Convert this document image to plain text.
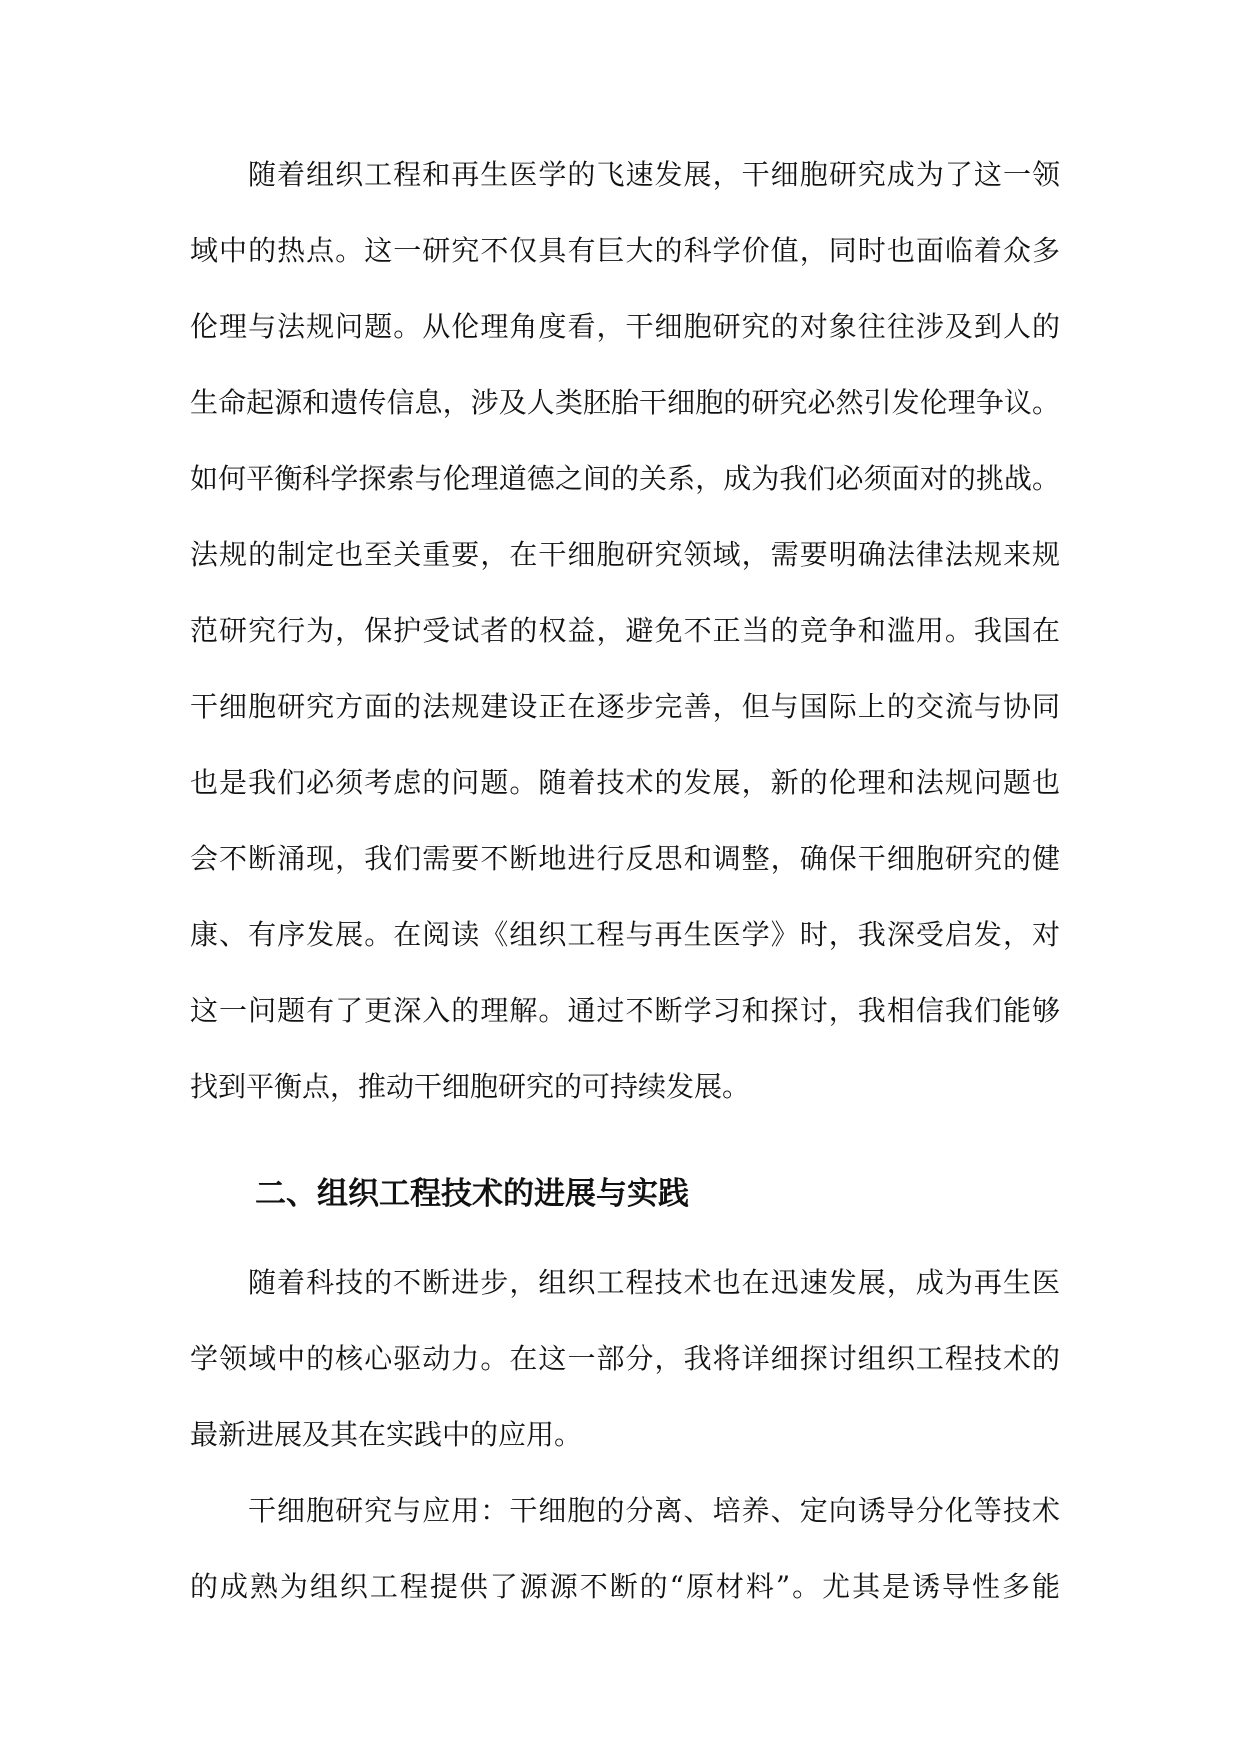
随着组织工程和再生医学的飞速发展，干细胞研究成为了这一领
域中的热点。这一研究不仅具有巨大的科学价值，同时也面临着众多
伦理与法规问题。从伦理角度看，干细胞研究的对象往往涉及到人的
生命起源和遗传信息，涉及人类胚胎干细胞的研究必然引发伦理争议。
如何平衡科学探索与伦理道德之间的关系，成为我们必须面对的挑战。
法规的制定也至关重要，在干细胞研究领域，需要明确法律法规来规
范研究行为，保护受试者的权益，避免不正当的竞争和滥用。我国在
干细胞研究方面的法规建设正在逐步完善，但与国际上的交流与协同
也是我们必须考虑的问题。随着技术的发展，新的伦理和法规问题也
会不断涌现，我们需要不断地进行反思和调整，确保干细胞研究的健
康、有序发展。在阅读《组织工程与再生医学》时，我深受启发，对
这一问题有了更深入的理解。通过不断学习和探讨，我相信我们能够
找到平衡点，推动干细胞研究的可持续发展。
二、组织工程技术的进展与实践
随着科技的不断进步，组织工程技术也在迅速发展，成为再生医
学领域中的核心驱动力。在这一部分，我将详细探讨组织工程技术的
最新进展及其在实践中的应用。
干细胞研究与应用：干细胞的分离、培养、定向诱导分化等技术
的成熟为组织工程提供了源源不断的“原材料”。尤其是诱导性多能
